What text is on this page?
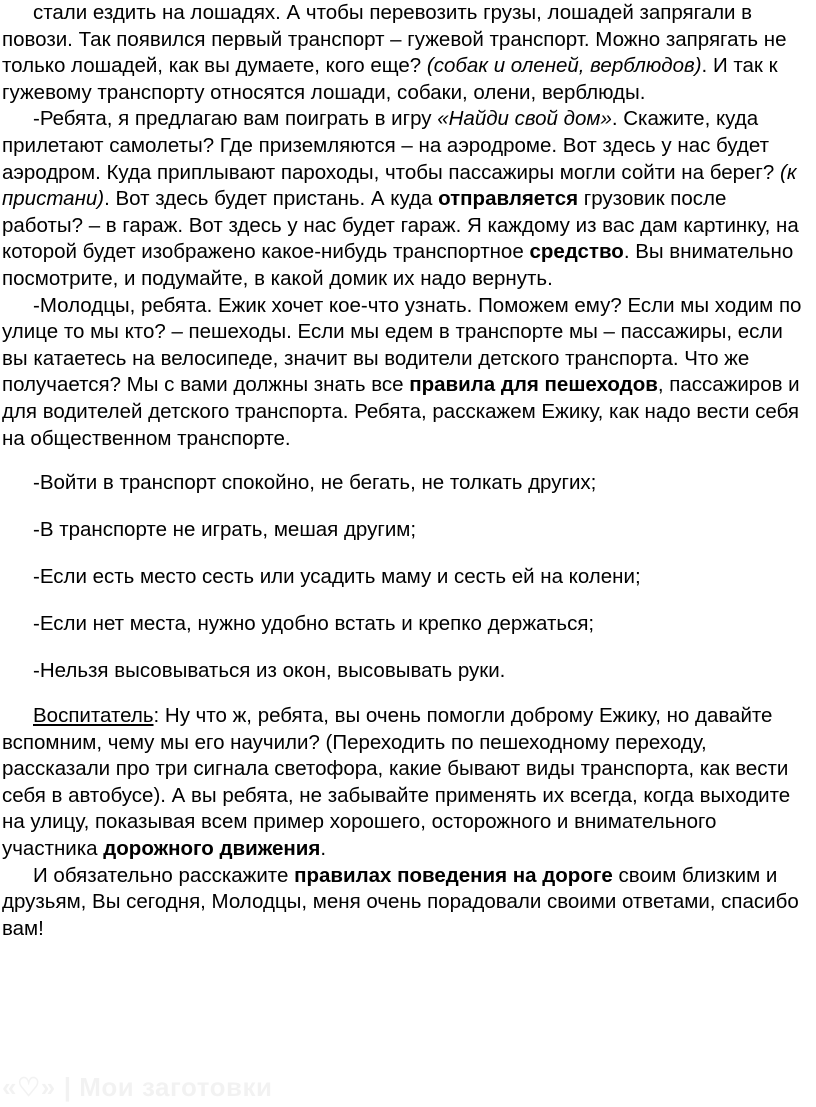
стали ездить на лошадях. А чтобы перевозить грузы, лошадей запрягали в повози. Так появился первый транспорт – гужевой транспорт. Можно запрягать не только лошадей, как вы думаете, кого еще? (собак и оленей, верблюдов). И так к гужевому транспорту относятся лошади, собаки, олени, верблюды.

-Ребята, я предлагаю вам поиграть в игру «Найди свой дом». Скажите, куда прилетают самолеты? Где приземляются – на аэродроме. Вот здесь у нас будет аэродром. Куда приплывают пароходы, чтобы пассажиры могли сойти на берег? (к пристани). Вот здесь будет пристань. А куда отправляется грузовик после работы? – в гараж. Вот здесь у нас будет гараж. Я каждому из вас дам картинку, на которой будет изображено какое-нибудь транспортное средство. Вы внимательно посмотрите, и подумайте, в какой домик их надо вернуть.

-Молодцы, ребята. Ежик хочет кое-что узнать. Поможем ему? Если мы ходим по улице то мы кто? – пешеходы. Если мы едем в транспорте мы – пассажиры, если вы катаетесь на велосипеде, значит вы водители детского транспорта. Что же получается? Мы с вами должны знать все правила для пешеходов, пассажиров и для водителей детского транспорта. Ребята, расскажем Ежику, как надо вести себя на общественном транспорте.

-Войти в транспорт спокойно, не бегать, не толкать других;

-В транспорте не играть, мешая другим;

-Если есть место сесть или усадить маму и сесть ей на колени;

-Если нет места, нужно удобно встать и крепко держаться;

-Нельзя высовываться из окон, высовывать руки.

Воспитатель: Ну что ж, ребята, вы очень помогли доброму Ежику, но давайте вспомним, чему мы его научили? (Переходить по пешеходному переходу, рассказали про три сигнала светофора, какие бывают виды транспорта, как вести себя в автобусе). А вы ребята, не забывайте применять их всегда, когда выходите на улицу, показывая всем пример хорошего, осторожного и внимательного участника дорожного движения.

И обязательно расскажите правилах поведения на дороге своим близким и друзьям, Вы сегодня, Молодцы, меня очень порадовали своими ответами, спасибо вам!

«♡» | Мои заготовки
